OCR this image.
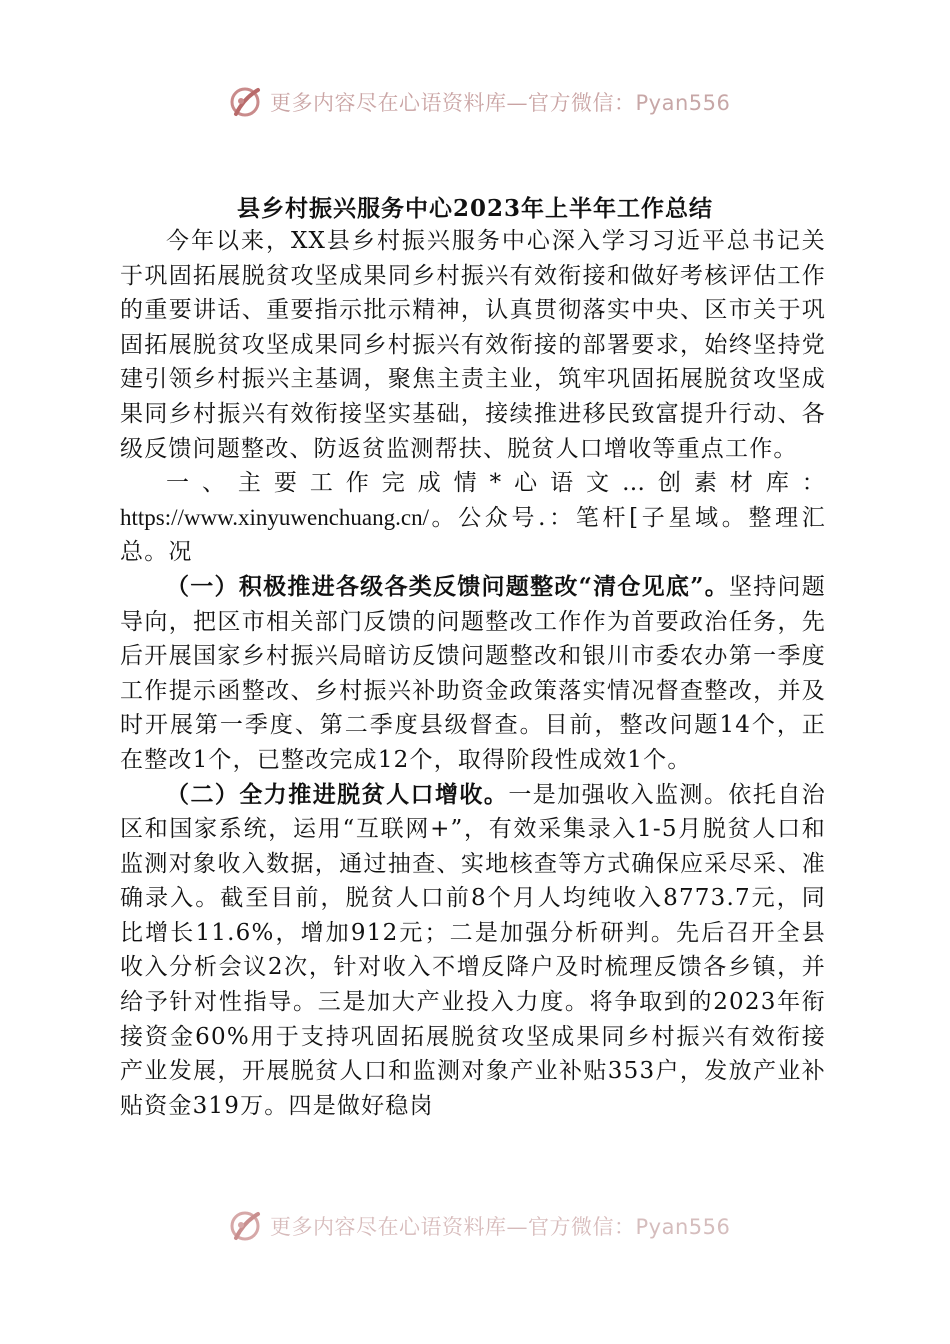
更多内容尽在心语资料库—官方微信：Pyan556
县乡村振兴服务中心2023年上半年工作总结

今年以来，XX县乡村振兴服务中心深入学习习近平总书记关于巩固拓展脱贫攻坚成果同乡村振兴有效衔接和做好考核评估工作的重要讲话、重要指示批示精神，认真贯彻落实中央、区市关于巩固拓展脱贫攻坚成果同乡村振兴有效衔接的部署要求，始终坚持党建引领乡村振兴主基调，聚焦主责主业，筑牢巩固拓展脱贫攻坚成果同乡村振兴有效衔接坚实基础，接续推进移民致富提升行动、各级反馈问题整改、防返贫监测帮扶、脱贫人口增收等重点工作。

一、主要工作完成情*心语文…创素材库：https://www.xinyuwenchuang.cn/。公众号.：笔杆[子星域。整理汇总。况

（一）积极推进各级各类反馈问题整改“清仓见底”。坚持问题导向，把区市相关部门反馈的问题整改工作作为首要政治任务，先后开展国家乡村振兴局暗访反馈问题整改和银川市委农办第一季度工作提示函整改、乡村振兴补助资金政策落实情况督查整改，并及时开展第一季度、第二季度县级督查。目前，整改问题14个，正在整改1个，已整改完成12个，取得阶段性成效1个。

（二）全力推进脱贫人口增收。一是加强收入监测。依托自治区和国家系统，运用“互联网+”，有效采集录入1-5月脱贫人口和监测对象收入数据，通过抽查、实地核查等方式确保应采尽采、准确录入。截至目前，脱贫人口前8个月人均纯收入8773.7元，同比增长11.6%，增加912元；二是加强分析研判。先后召开全县收入分析会议2次，针对收入不增反降户及时梳理反馈各乡镇，并给予针对性指导。三是加大产业投入力度。将争取到的2023年衔接资金60%用于支持巩固拓展脱贫攻坚成果同乡村振兴有效衔接产业发展，开展脱贫人口和监测对象产业补贴353户，发放产业补贴资金319万。四是做好稳岗

更多内容尽在心语资料库—官方微信：Pyan556
